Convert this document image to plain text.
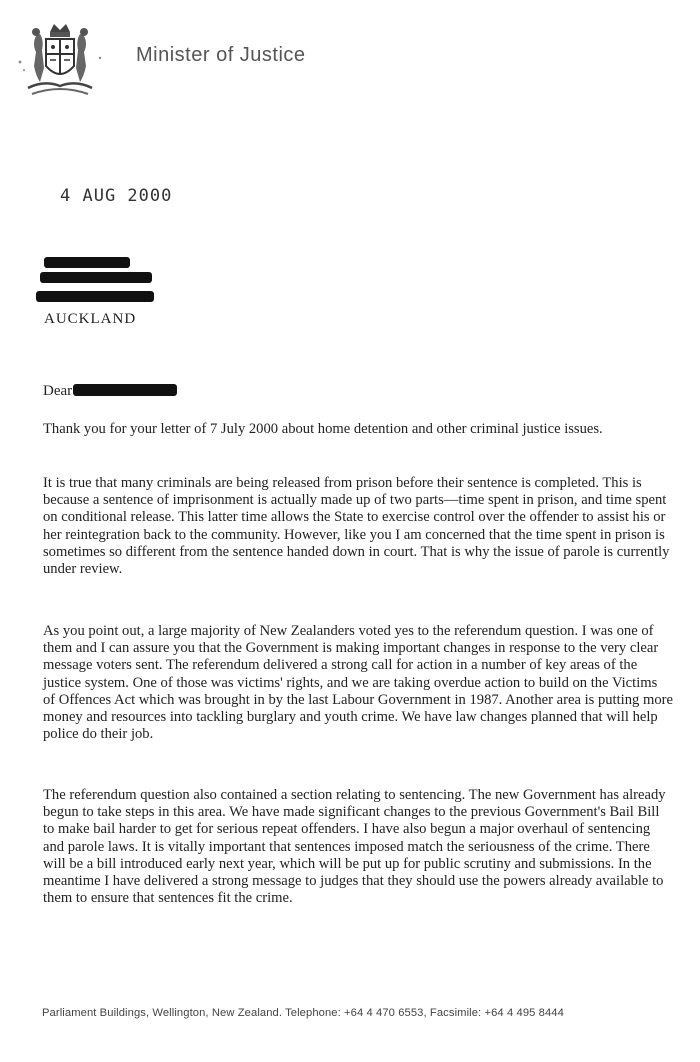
Minister of Justice
4 AUG 2000
AUCKLAND
Dear

Thank you for your letter of 7 July 2000 about home detention and other criminal justice issues.

It is true that many criminals are being released from prison before their sentence is completed. This is because a sentence of imprisonment is actually made up of two parts—time spent in prison, and time spent on conditional release. This latter time allows the State to exercise control over the offender to assist his or her reintegration back to the community. However, like you I am concerned that the time spent in prison is sometimes so different from the sentence handed down in court. That is why the issue of parole is currently under review.

As you point out, a large majority of New Zealanders voted yes to the referendum question. I was one of them and I can assure you that the Government is making important changes in response to the very clear message voters sent. The referendum delivered a strong call for action in a number of key areas of the justice system. One of those was victims' rights, and we are taking overdue action to build on the Victims of Offences Act which was brought in by the last Labour Government in 1987. Another area is putting more money and resources into tackling burglary and youth crime. We have law changes planned that will help police do their job.

The referendum question also contained a section relating to sentencing. The new Government has already begun to take steps in this area. We have made significant changes to the previous Government's Bail Bill to make bail harder to get for serious repeat offenders. I have also begun a major overhaul of sentencing and parole laws. It is vitally important that sentences imposed match the seriousness of the crime. There will be a bill introduced early next year, which will be put up for public scrutiny and submissions. In the meantime I have delivered a strong message to judges that they should use the powers already available to them to ensure that sentences fit the crime.

Parliament Buildings, Wellington, New Zealand. Telephone: +64 4 470 6553, Facsimile: +64 4 495 8444
